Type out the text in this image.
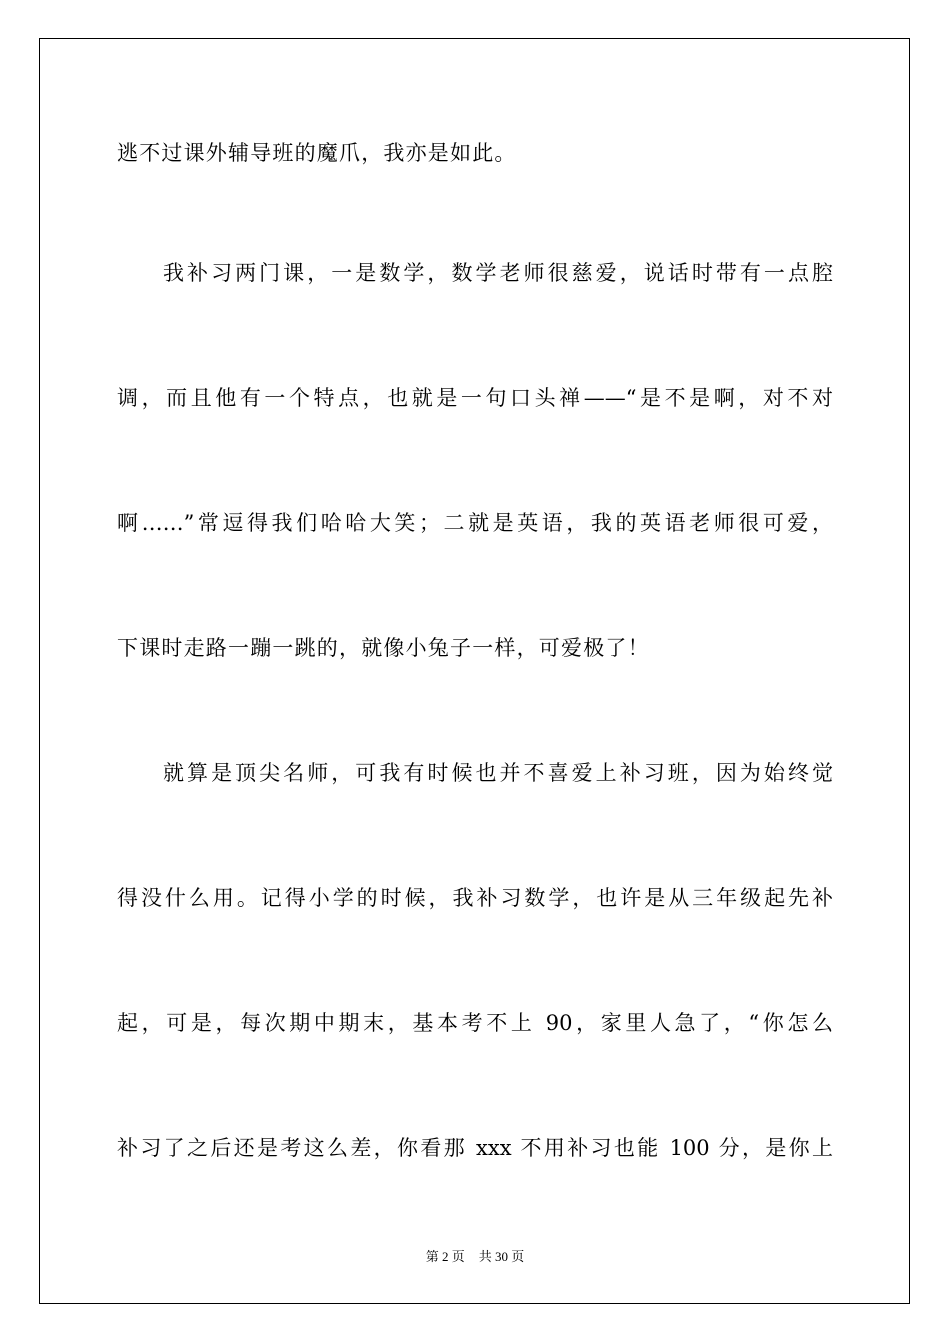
逃不过课外辅导班的魔爪，我亦是如此。
我补习两门课，一是数学，数学老师很慈爱，说话时带有一点腔
调，而且他有一个特点，也就是一句口头禅——“是不是啊，对不对
啊……”常逗得我们哈哈大笑；二就是英语，我的英语老师很可爱，
下课时走路一蹦一跳的，就像小兔子一样，可爱极了！
就算是顶尖名师，可我有时候也并不喜爱上补习班，因为始终觉
得没什么用。记得小学的时候，我补习数学，也许是从三年级起先补
起，可是，每次期中期末，基本考不上 90，家里人急了，“你怎么
补习了之后还是考这么差，你看那 xxx 不用补习也能 100 分，是你上
第 2 页 共 30 页
